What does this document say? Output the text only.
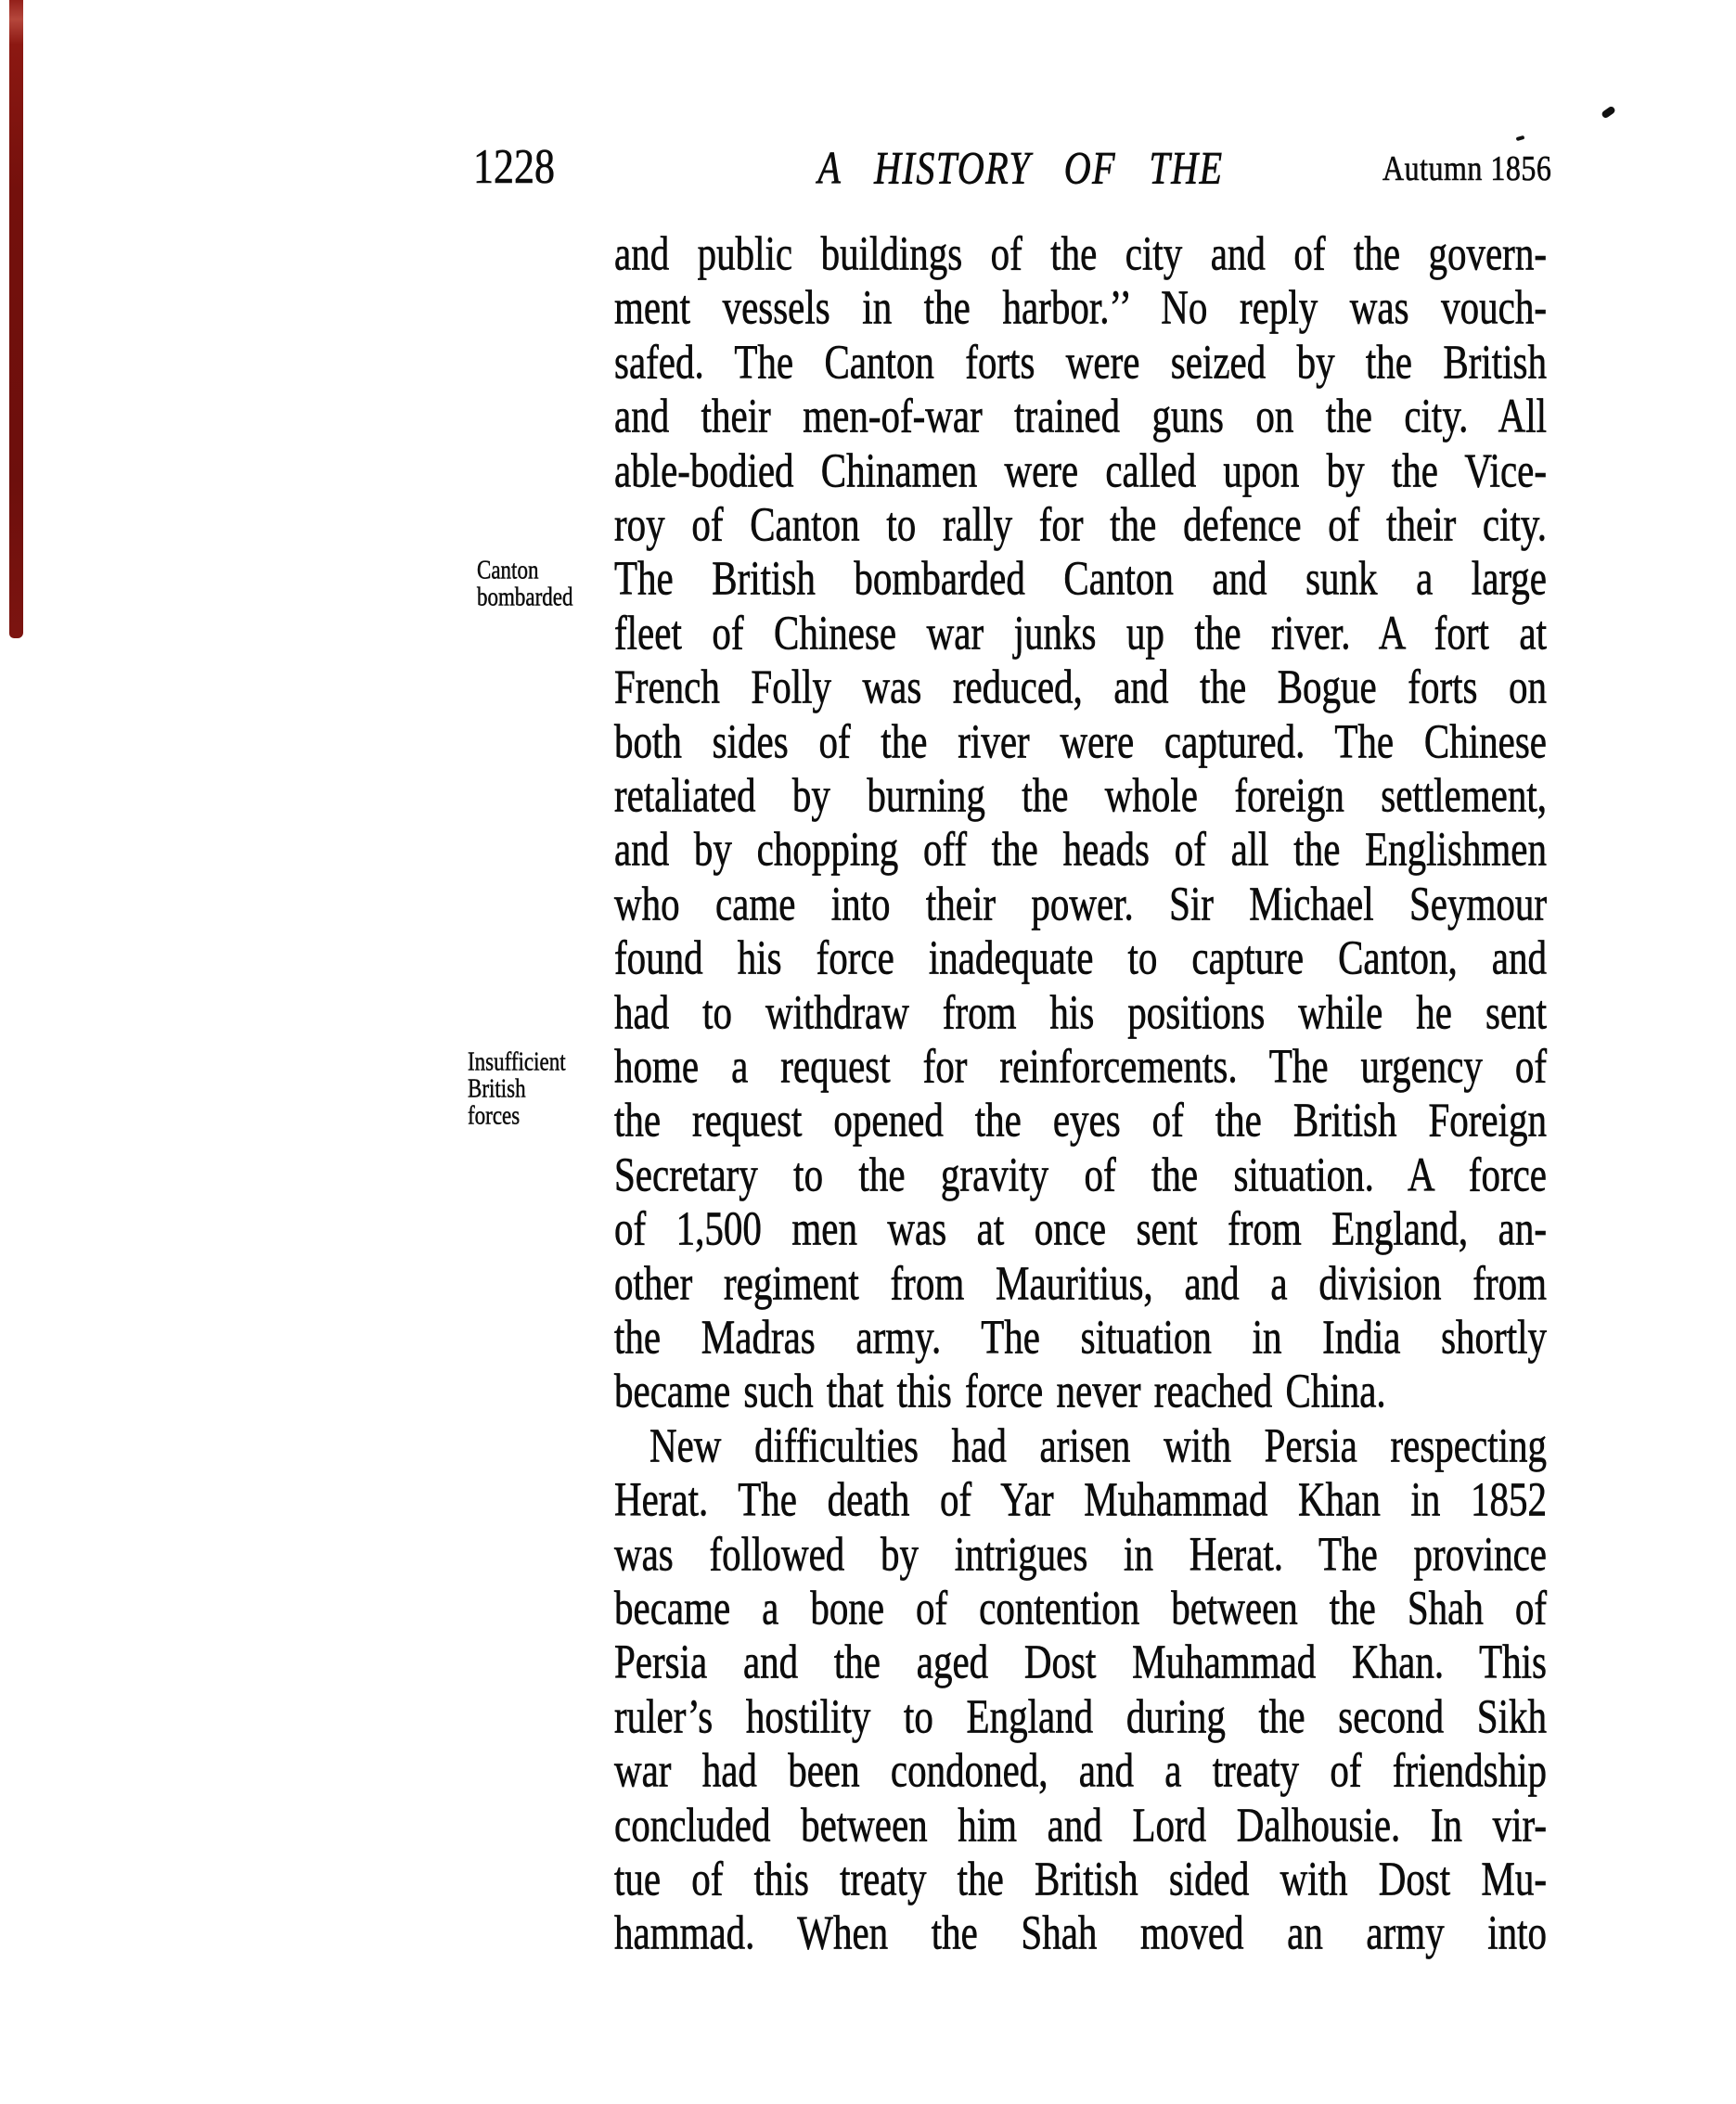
1228	A HISTORY OF THE	Autumn 1856
Canton
bombarded
Insufficient
British
forces
and public buildings of the city and of the govern-
ment vessels in the harbor.’’ No reply was vouch-
safed. The Canton forts were seized by the British
and their men-of-war trained guns on the city. All
able-bodied Chinamen were called upon by the Vice-
roy of Canton to rally for the defence of their city.
The British bombarded Canton and sunk a large
fleet of Chinese war junks up the river. A fort at
French Folly was reduced, and the Bogue forts on
both sides of the river were captured. The Chinese
retaliated by burning the whole foreign settlement,
and by chopping off the heads of all the Englishmen
who came into their power. Sir Michael Seymour
found his force inadequate to capture Canton, and
had to withdraw from his positions while he sent
home a request for reinforcements. The urgency of
the request opened the eyes of the British Foreign
Secretary to the gravity of the situation. A force
of 1,500 men was at once sent from England, an-
other regiment from Mauritius, and a division from
the Madras army. The situation in India shortly
became such that this force never reached China.
New difficulties had arisen with Persia respecting
Herat. The death of Yar Muhammad Khan in 1852
was followed by intrigues in Herat. The province
became a bone of contention between the Shah of
Persia and the aged Dost Muhammad Khan. This
ruler’s hostility to England during the second Sikh
war had been condoned, and a treaty of friendship
concluded between him and Lord Dalhousie. In vir-
tue of this treaty the British sided with Dost Mu-
hammad. When the Shah moved an army into
